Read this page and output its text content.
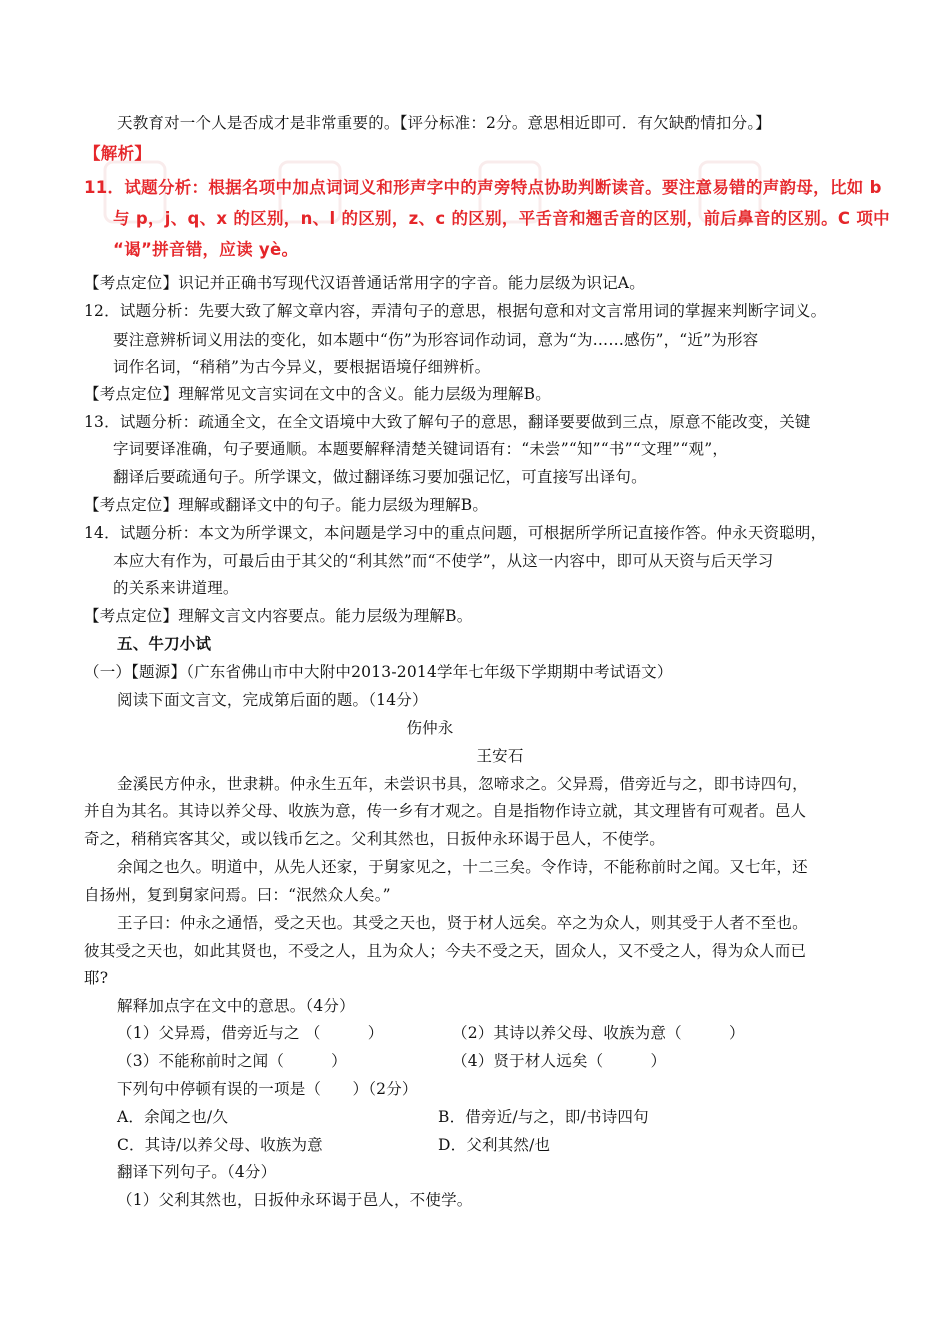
天教育对一个人是否成才是非常重要的。【评分标准：2分。意思相近即可．有欠缺酌情扣分。】
【解析】
11．试题分析：根据名项中加点词词义和形声字中的声旁特点协助判断读音。要注意易错的声韵母，比如 b
与 p，j、q、x 的区别，n、l 的区别，z、c 的区别，平舌音和翘舌音的区别，前后鼻音的区别。C 项中
“谒”拼音错，应读 yè。
【考点定位】识记并正确书写现代汉语普通话常用字的字音。能力层级为识记A。
12．试题分析：先要大致了解文章内容，弄清句子的意思，根据句意和对文言常用词的掌握来判断字词义。
要注意辨析词义用法的变化，如本题中“伤”为形容词作动词，意为“为……感伤”，“近”为形容
词作名词，“稍稍”为古今异义，要根据语境仔细辨析。
【考点定位】理解常见文言实词在文中的含义。能力层级为理解B。
13．试题分析：疏通全文，在全文语境中大致了解句子的意思，翻译要要做到三点，原意不能改变，关键
字词要译准确，句子要通顺。本题要解释清楚关键词语有：“未尝”“知”“书”“文理”“观”，
翻译后要疏通句子。所学课文，做过翻译练习要加强记忆，可直接写出译句。
【考点定位】理解或翻译文中的句子。能力层级为理解B。
14．试题分析：本文为所学课文，本问题是学习中的重点问题，可根据所学所记直接作答。仲永天资聪明，
本应大有作为，可最后由于其父的“利其然”而“不使学”，从这一内容中，即可从天资与后天学习
的关系来讲道理。
【考点定位】理解文言文内容要点。能力层级为理解B。
五、牛刀小试
（一）【题源】（广东省佛山市中大附中2013-2014学年七年级下学期期中考试语文）
阅读下面文言文，完成第后面的题。（14分）
伤仲永
王安石
金溪民方仲永，世隶耕。仲永生五年，未尝识书具，忽啼求之。父异焉，借旁近与之，即书诗四句，
并自为其名。其诗以养父母、收族为意，传一乡有才观之。自是指物作诗立就，其文理皆有可观者。邑人
奇之，稍稍宾客其父，或以钱币乞之。父利其然也，日扳仲永环谒于邑人，不使学。
余闻之也久。明道中，从先人还家，于舅家见之，十二三矣。令作诗，不能称前时之闻。又七年，还
自扬州，复到舅家问焉。曰：“泯然众人矣。”
王子曰：仲永之通悟，受之天也。其受之天也，贤于材人远矣。卒之为众人，则其受于人者不至也。
彼其受之天也，如此其贤也，不受之人，且为众人；今夫不受之天，固众人，又不受之人，得为众人而已
耶?
解释加点字在文中的意思。（4分）
（1）父异焉，借旁近与之 （　　　）	（2）其诗以养父母、收族为意（　　　）
（3）不能称前时之闻（　　　）	（4）贤于材人远矣（　　　）
下列句中停顿有误的一项是（　　）（2分）
A．余闻之也/久	B．借旁近/与之，即/书诗四句
C．其诗/以养父母、收族为意	D．父利其然/也
翻译下列句子。（4分）
（1）父利其然也，日扳仲永环谒于邑人，不使学。
